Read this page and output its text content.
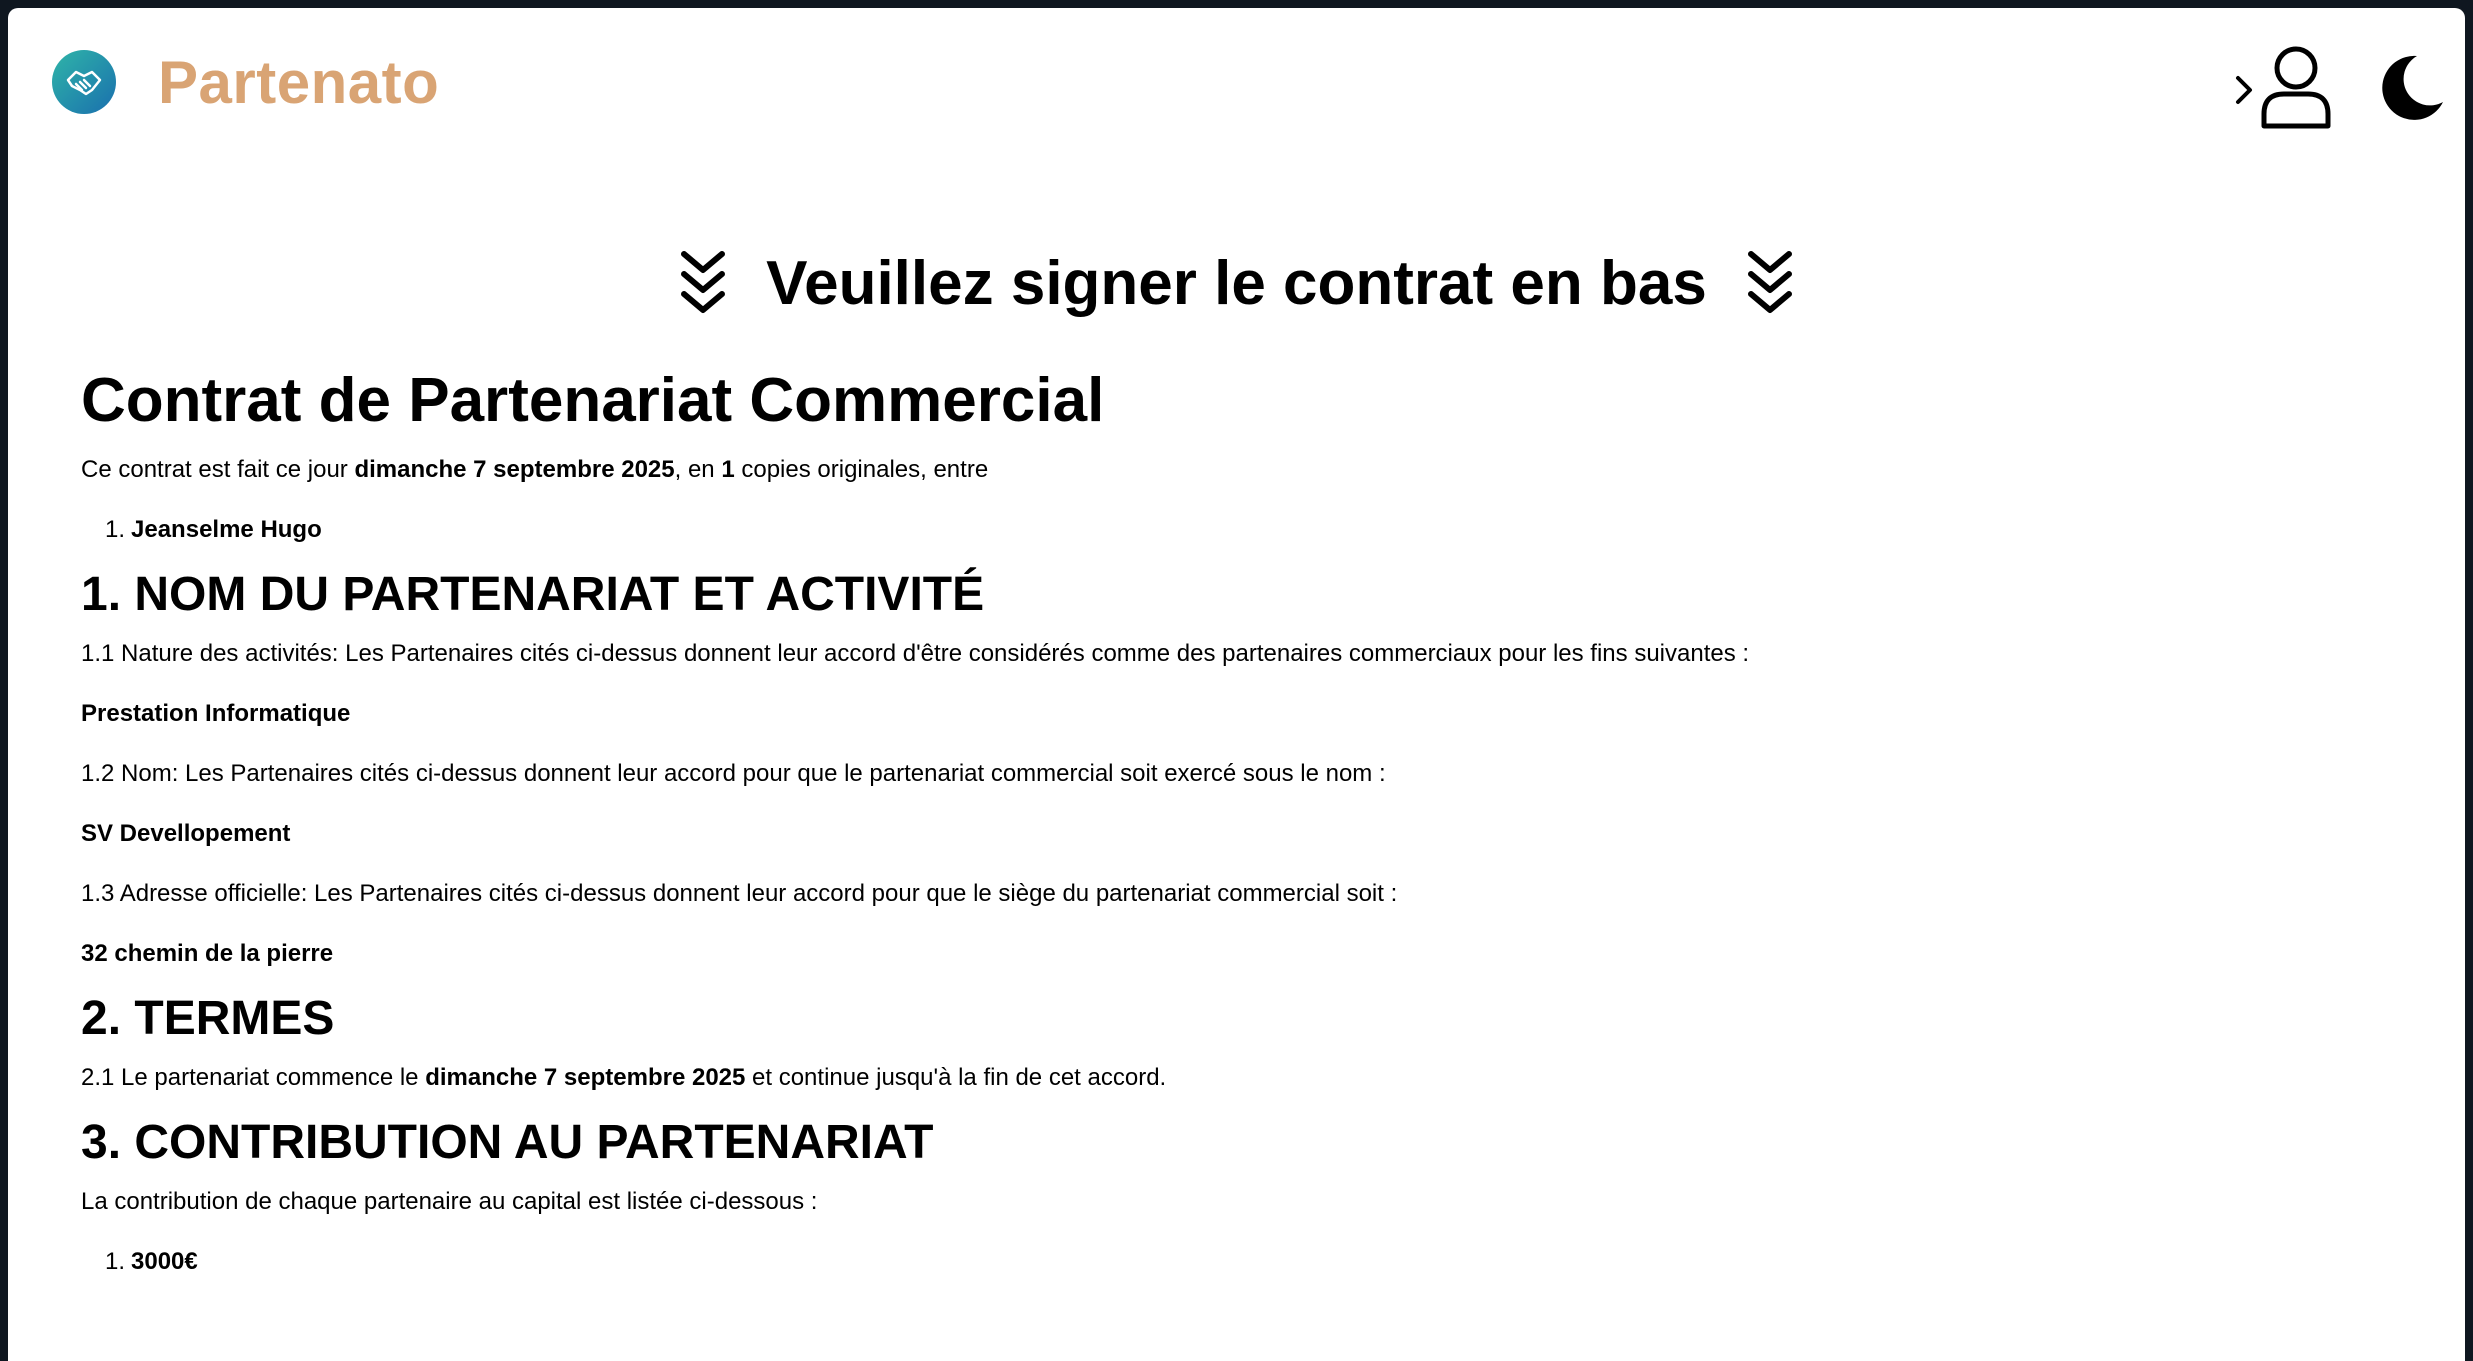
Partenato
Veuillez signer le contrat en bas
Contrat de Partenariat Commercial

Ce contrat est fait ce jour dimanche 7 septembre 2025, en 1 copies originales, entre

1. Jeanselme Hugo
1. NOM DU PARTENARIAT ET ACTIVITÉ

1.1 Nature des activités: Les Partenaires cités ci-dessus donnent leur accord d'être considérés comme des partenaires commerciaux pour les fins suivantes :

Prestation Informatique

1.2 Nom: Les Partenaires cités ci-dessus donnent leur accord pour que le partenariat commercial soit exercé sous le nom :

SV Devellopement

1.3 Adresse officielle: Les Partenaires cités ci-dessus donnent leur accord pour que le siège du partenariat commercial soit :

32 chemin de la pierre

2. TERMES

2.1 Le partenariat commence le dimanche 7 septembre 2025 et continue jusqu'à la fin de cet accord.

3. CONTRIBUTION AU PARTENARIAT

La contribution de chaque partenaire au capital est listée ci-dessous :

1. 3000€
